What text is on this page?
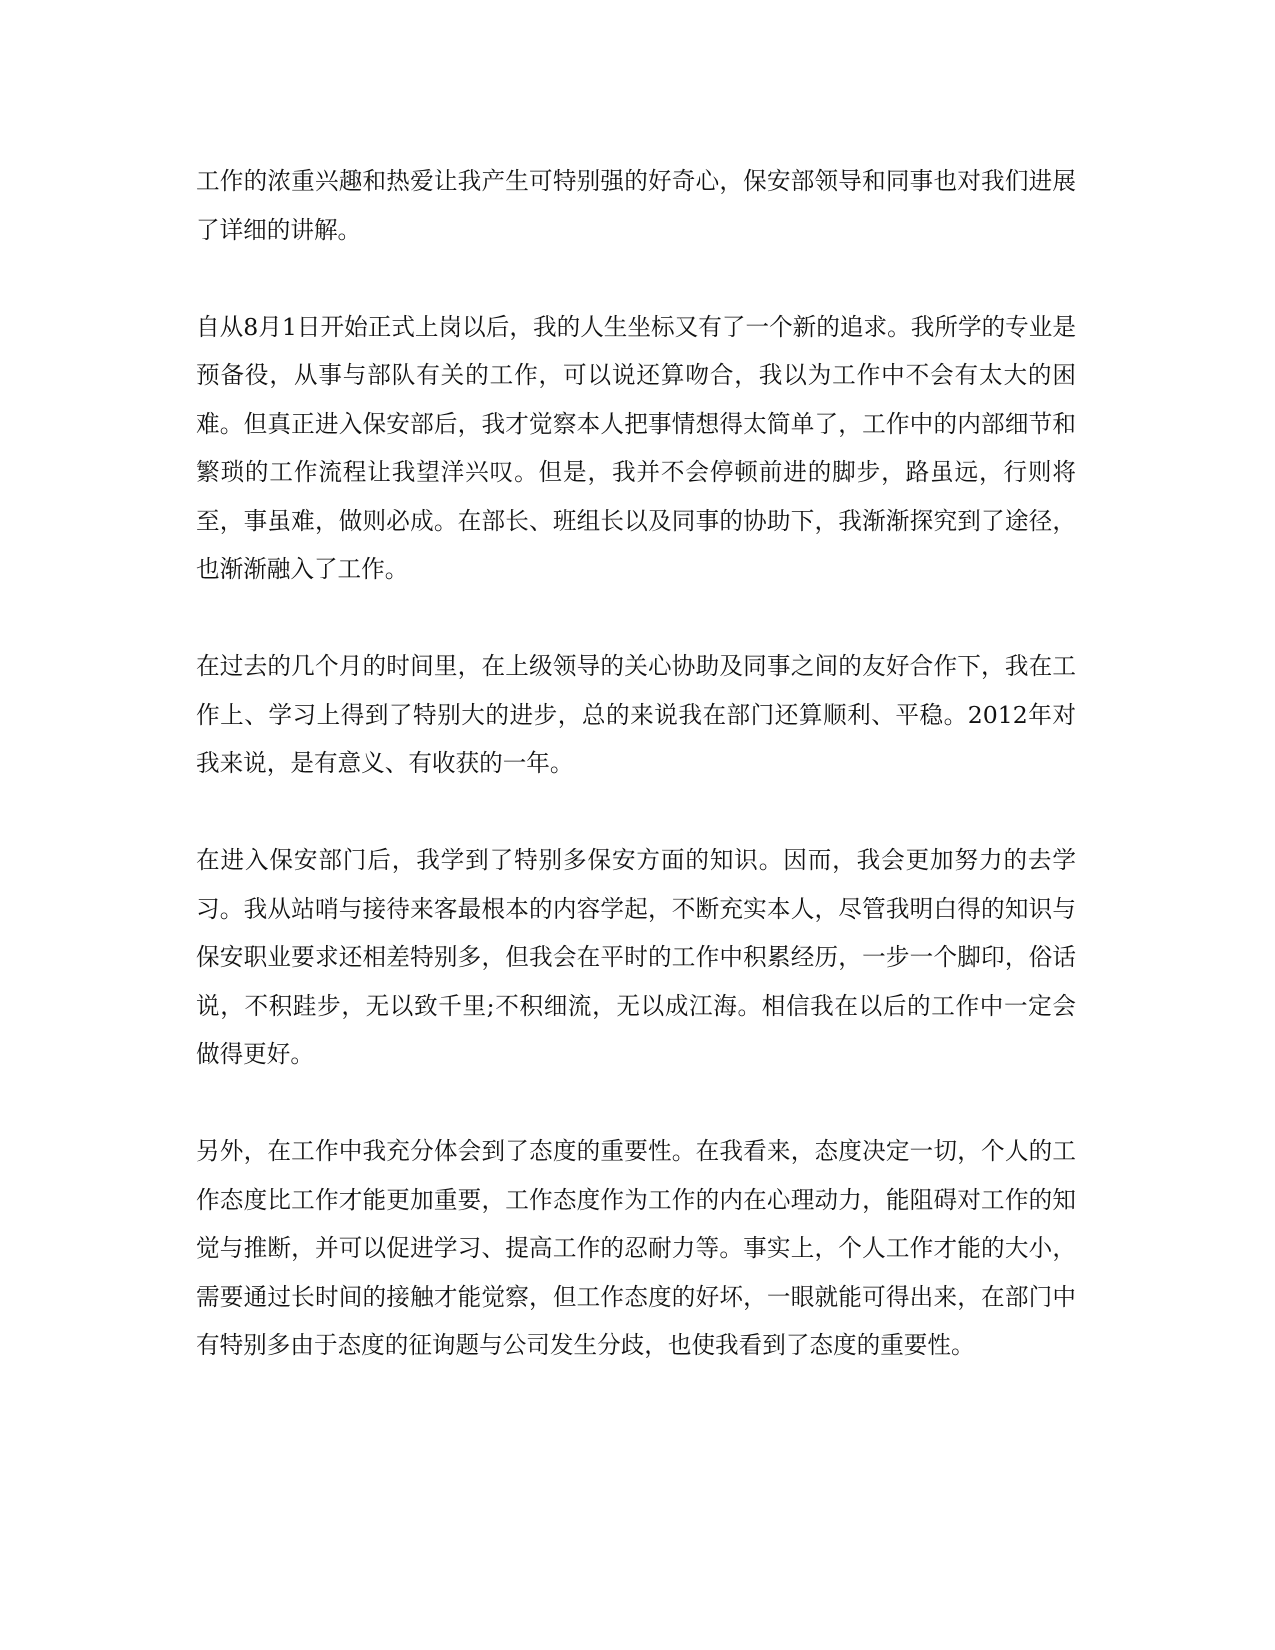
工作的浓重兴趣和热爱让我产生可特别强的好奇心，保安部领导和同事也对我们进展了详细的讲解。

自从8月1日开始正式上岗以后，我的人生坐标又有了一个新的追求。我所学的专业是预备役，从事与部队有关的工作，可以说还算吻合，我以为工作中不会有太大的困难。但真正进入保安部后，我才觉察本人把事情想得太简单了，工作中的内部细节和繁琐的工作流程让我望洋兴叹。但是，我并不会停顿前进的脚步，路虽远，行则将至，事虽难，做则必成。在部长、班组长以及同事的协助下，我渐渐探究到了途径，也渐渐融入了工作。

在过去的几个月的时间里，在上级领导的关心协助及同事之间的友好合作下，我在工作上、学习上得到了特别大的进步，总的来说我在部门还算顺利、平稳。2012年对我来说，是有意义、有收获的一年。

在进入保安部门后，我学到了特别多保安方面的知识。因而，我会更加努力的去学习。我从站哨与接待来客最根本的内容学起，不断充实本人，尽管我明白得的知识与保安职业要求还相差特别多，但我会在平时的工作中积累经历，一步一个脚印，俗话说，不积跬步，无以致千里;不积细流，无以成江海。相信我在以后的工作中一定会做得更好。

另外，在工作中我充分体会到了态度的重要性。在我看来，态度决定一切，个人的工作态度比工作才能更加重要，工作态度作为工作的内在心理动力，能阻碍对工作的知觉与推断，并可以促进学习、提高工作的忍耐力等。事实上，个人工作才能的大小，需要通过长时间的接触才能觉察，但工作态度的好坏，一眼就能可得出来，在部门中有特别多由于态度的征询题与公司发生分歧，也使我看到了态度的重要性。
